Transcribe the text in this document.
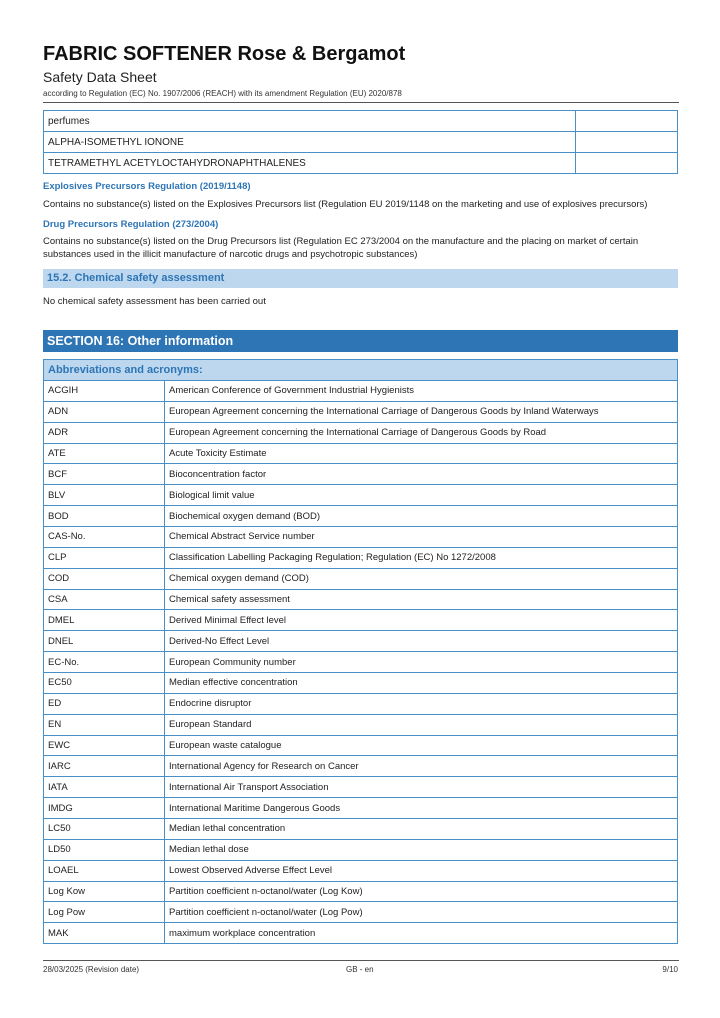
FABRIC SOFTENER Rose & Bergamot
Safety Data Sheet
according to Regulation (EC) No. 1907/2006 (REACH) with its amendment Regulation (EU) 2020/878
perfumes	
ALPHA-ISOMETHYL IONONE	
TETRAMETHYL ACETYLOCTAHYDRONAPHTHALENES	
Explosives Precursors Regulation (2019/1148)
Contains no substance(s) listed on the Explosives Precursors list (Regulation EU 2019/1148 on the marketing and use of explosives precursors)
Drug Precursors Regulation (273/2004)
Contains no substance(s) listed on the Drug Precursors list (Regulation EC 273/2004 on the manufacture and the placing on market of certain substances used in the illicit manufacture of narcotic drugs and psychotropic substances)
15.2. Chemical safety assessment
No chemical safety assessment has been carried out
SECTION 16: Other information
Abbreviations and acronyms:	
ACGIH	American Conference of Government Industrial Hygienists
ADN	European Agreement concerning the International Carriage of Dangerous Goods by Inland Waterways
ADR	European Agreement concerning the International Carriage of Dangerous Goods by Road
ATE	Acute Toxicity Estimate
BCF	Bioconcentration factor
BLV	Biological limit value
BOD	Biochemical oxygen demand (BOD)
CAS-No.	Chemical Abstract Service number
CLP	Classification Labelling Packaging Regulation; Regulation (EC) No 1272/2008
COD	Chemical oxygen demand (COD)
CSA	Chemical safety assessment
DMEL	Derived Minimal Effect level
DNEL	Derived-No Effect Level
EC-No.	European Community number
EC50	Median effective concentration
ED	Endocrine disruptor
EN	European Standard
EWC	European waste catalogue
IARC	International Agency for Research on Cancer
IATA	International Air Transport Association
IMDG	International Maritime Dangerous Goods
LC50	Median lethal concentration
LD50	Median lethal dose
LOAEL	Lowest Observed Adverse Effect Level
Log Kow	Partition coefficient n-octanol/water (Log Kow)
Log Pow	Partition coefficient n-octanol/water (Log Pow)
MAK	maximum workplace concentration
28/03/2025 (Revision date)	GB - en	9/10
